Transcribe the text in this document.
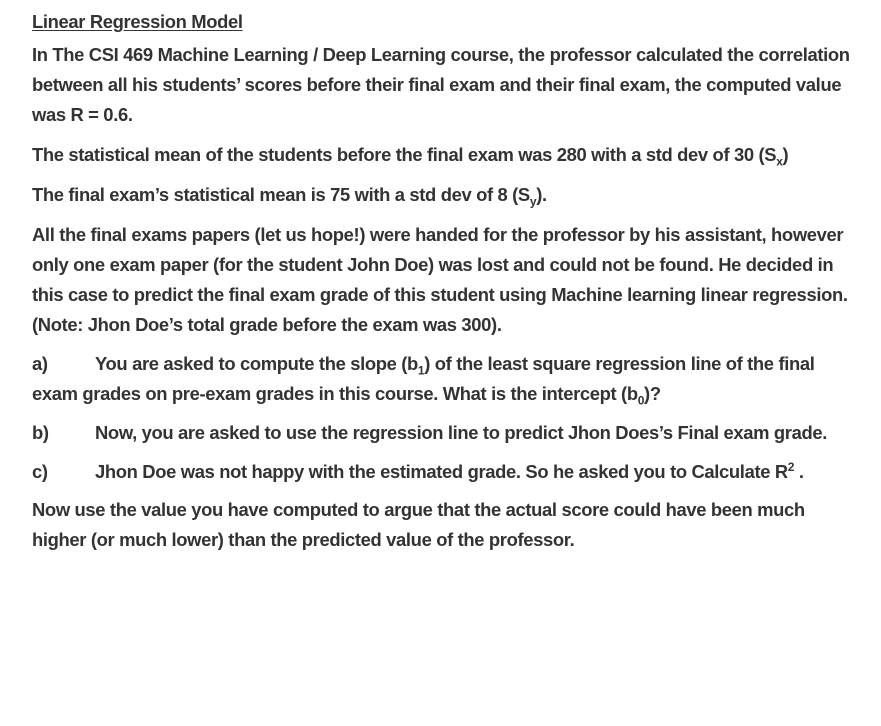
Linear Regression Model

In The CSI 469 Machine Learning / Deep Learning course, the professor calculated the correlation between all his students’ scores before their final exam and their final exam, the computed value was R = 0.6.

The statistical mean of the students before the final exam was 280 with a std dev of 30 $(S_x)$

The final exam’s statistical mean is 75 with a std dev of 8 $(S_y)$.

All the final exams papers (let us hope!) were handed for the professor by his assistant, however only one exam paper (for the student John Doe) was lost and could not be found. He decided in this case to predict the final exam grade of this student using Machine learning linear regression. (Note: Jhon Doe’s total grade before the exam was 300).

a)	You are asked to compute the slope $(b_1)$ of the least square regression line of the final exam grades on pre-exam grades in this course. What is the intercept $(b_0)$?

b)	Now, you are asked to use the regression line to predict Jhon Does’s Final exam grade.

c)	Jhon Doe was not happy with the estimated grade. So he asked you to Calculate $R^2$ .

Now use the value you have computed to argue that the actual score could have been much higher (or much lower) than the predicted value of the professor.
